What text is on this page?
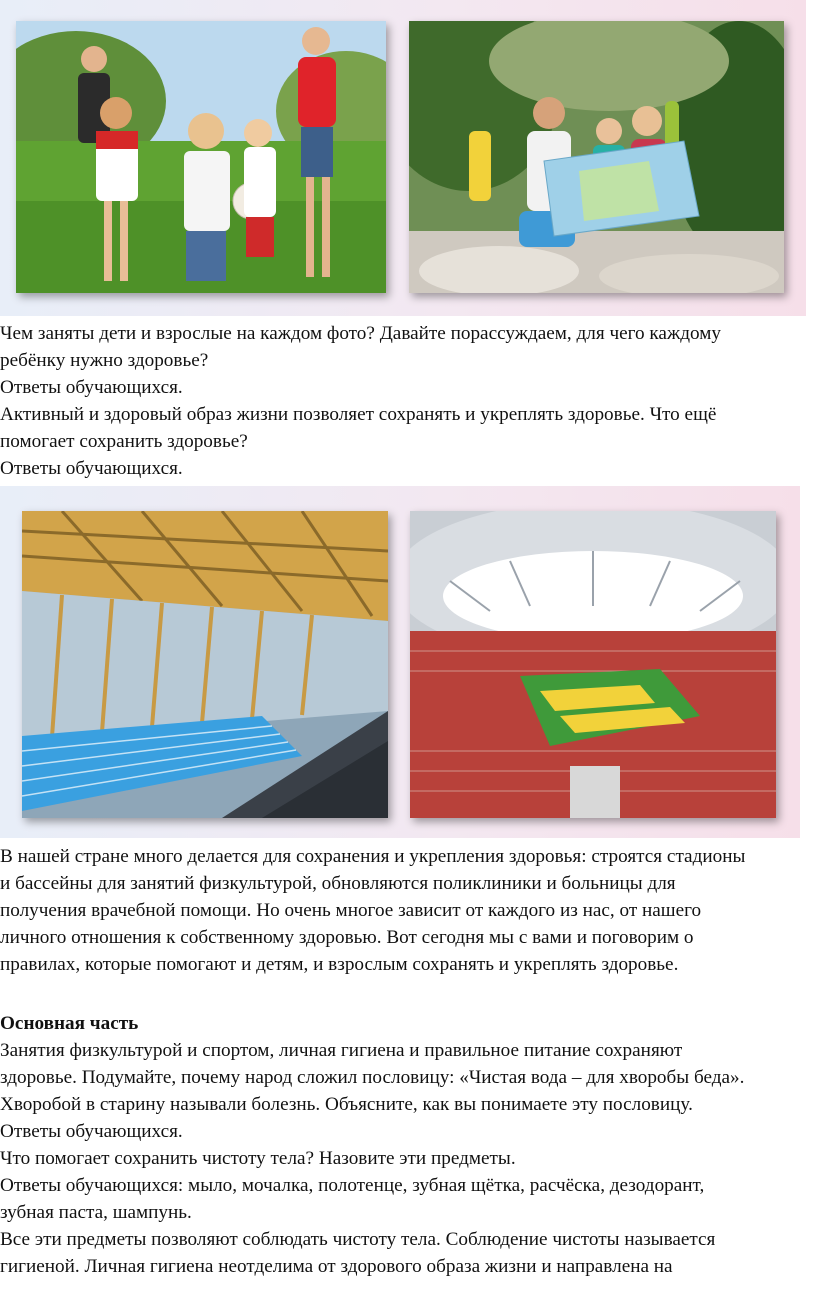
Чем заняты дети и взрослые на каждом фото? Давайте порассуждаем, для чего каждому

ребёнку нужно здоровье?

Ответы обучающихся.

Активный и здоровый образ жизни позволяет сохранять и укреплять здоровье. Что ещё

помогает сохранить здоровье?

Ответы обучающихся.

В нашей стране много делается для сохранения и укрепления здоровья: строятся стадионы

и бассейны для занятий физкультурой, обновляются поликлиники и больницы для

получения врачебной помощи. Но очень многое зависит от каждого из нас, от нашего

личного отношения к собственному здоровью. Вот сегодня мы с вами и поговорим о

правилах, которые помогают и детям, и взрослым сохранять и укреплять здоровье.

Основная часть

Занятия физкультурой и спортом, личная гигиена и правильное питание сохраняют

здоровье. Подумайте, почему народ сложил пословицу: «Чистая вода – для хворобы беда».

Хворобой в старину называли болезнь. Объясните, как вы понимаете эту пословицу.

Ответы обучающихся.

Что помогает сохранить чистоту тела? Назовите эти предметы.

Ответы обучающихся: мыло, мочалка, полотенце, зубная щётка, расчёска, дезодорант,

зубная паста, шампунь.

Все эти предметы позволяют соблюдать чистоту тела. Соблюдение чистоты называется

гигиеной. Личная гигиена неотделима от здорового образа жизни и направлена на
